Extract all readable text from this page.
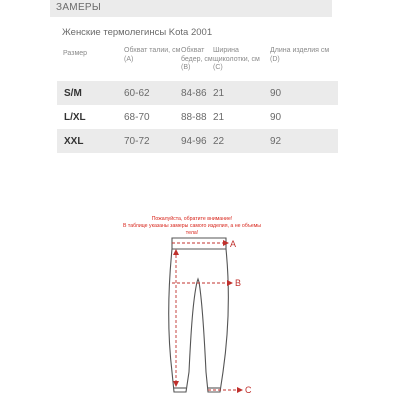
ЗАМЕРЫ
Женские термолегинсы Kota 2001
Размер	Обхват талии, см (А)	Обхват бедер, см (В)	Ширина щиколотки, см (С)	Длина изделия см (D)
S/M	60-62	84-86	21	90
L/XL	68-70	88-88	21	90
XXL	70-72	94-96	22	92
Пожалуйста, обратите внимание!
В таблице указаны замеры самого изделия, а не объемы тела!
A
B
C
